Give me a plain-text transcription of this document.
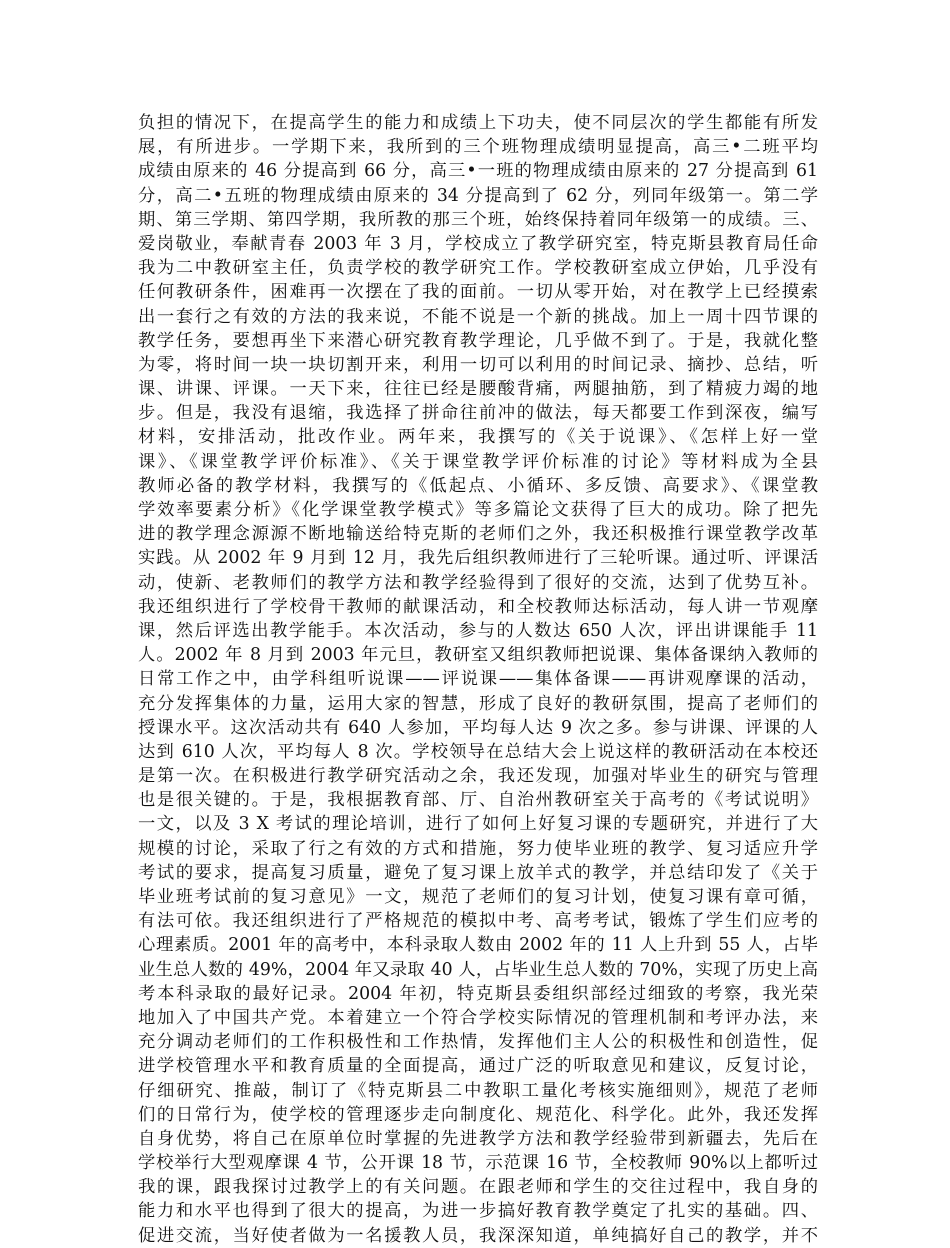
负担的情况下，在提高学生的能力和成绩上下功夫，使不同层次的学生都能有所发
展，有所进步。一学期下来，我所到的三个班物理成绩明显提高，高三•二班平均
成绩由原来的 46 分提高到 66 分，高三•一班的物理成绩由原来的 27 分提高到 61
分，高二•五班的物理成绩由原来的 34 分提高到了 62 分，列同年级第一。第二学
期、第三学期、第四学期，我所教的那三个班，始终保持着同年级第一的成绩。三、
爱岗敬业，奉献青春 2003 年 3 月，学校成立了教学研究室，特克斯县教育局任命
我为二中教研室主任，负责学校的教学研究工作。学校教研室成立伊始，几乎没有
任何教研条件，困难再一次摆在了我的面前。一切从零开始，对在教学上已经摸索
出一套行之有效的方法的我来说，不能不说是一个新的挑战。加上一周十四节课的
教学任务，要想再坐下来潜心研究教育教学理论，几乎做不到了。于是，我就化整
为零，将时间一块一块切割开来，利用一切可以利用的时间记录、摘抄、总结，听
课、讲课、评课。一天下来，往往已经是腰酸背痛，两腿抽筋，到了精疲力竭的地
步。但是，我没有退缩，我选择了拼命往前冲的做法，每天都要工作到深夜，编写
材料，安排活动，批改作业。两年来，我撰写的《关于说课》、《怎样上好一堂
课》、《课堂教学评价标准》、《关于课堂教学评价标准的讨论》等材料成为全县
教师必备的教学材料，我撰写的《低起点、小循环、多反馈、高要求》、《课堂教
学效率要素分析》《化学课堂教学模式》等多篇论文获得了巨大的成功。除了把先
进的教学理念源源不断地输送给特克斯的老师们之外，我还积极推行课堂教学改革
实践。从 2002 年 9 月到 12 月，我先后组织教师进行了三轮听课。通过听、评课活
动，使新、老教师们的教学方法和教学经验得到了很好的交流，达到了优势互补。
我还组织进行了学校骨干教师的献课活动，和全校教师达标活动，每人讲一节观摩
课，然后评选出教学能手。本次活动，参与的人数达 650 人次，评出讲课能手 11
人。2002 年 8 月到 2003 年元旦，教研室又组织教师把说课、集体备课纳入教师的
日常工作之中，由学科组听说课——评说课——集体备课——再讲观摩课的活动，
充分发挥集体的力量，运用大家的智慧，形成了良好的教研氛围，提高了老师们的
授课水平。这次活动共有 640 人参加，平均每人达 9 次之多。参与讲课、评课的人
达到 610 人次，平均每人 8 次。学校领导在总结大会上说这样的教研活动在本校还
是第一次。在积极进行教学研究活动之余，我还发现，加强对毕业生的研究与管理
也是很关键的。于是，我根据教育部、厅、自治州教研室关于高考的《考试说明》
一文，以及 3 X 考试的理论培训，进行了如何上好复习课的专题研究，并进行了大
规模的讨论，采取了行之有效的方式和措施，努力使毕业班的教学、复习适应升学
考试的要求，提高复习质量，避免了复习课上放羊式的教学，并总结印发了《关于
毕业班考试前的复习意见》一文，规范了老师们的复习计划，使复习课有章可循，
有法可依。我还组织进行了严格规范的模拟中考、高考考试，锻炼了学生们应考的
心理素质。2001 年的高考中，本科录取人数由 2002 年的 11 人上升到 55 人，占毕
业生总人数的 49%，2004 年又录取 40 人，占毕业生总人数的 70%，实现了历史上高
考本科录取的最好记录。2004 年初，特克斯县委组织部经过细致的考察，我光荣
地加入了中国共产党。本着建立一个符合学校实际情况的管理机制和考评办法，来
充分调动老师们的工作积极性和工作热情，发挥他们主人公的积极性和创造性，促
进学校管理水平和教育质量的全面提高，通过广泛的听取意见和建议，反复讨论，
仔细研究、推敲，制订了《特克斯县二中教职工量化考核实施细则》，规范了老师
们的日常行为，使学校的管理逐步走向制度化、规范化、科学化。此外，我还发挥
自身优势，将自己在原单位时掌握的先进教学方法和教学经验带到新疆去，先后在
学校举行大型观摩课 4 节，公开课 18 节，示范课 16 节，全校教师 90%以上都听过
我的课，跟我探讨过教学上的有关问题。在跟老师和学生的交往过程中，我自身的
能力和水平也得到了很大的提高，为进一步搞好教育教学奠定了扎实的基础。四、
促进交流，当好使者做为一名援教人员，我深深知道，单纯搞好自己的教学，并不
